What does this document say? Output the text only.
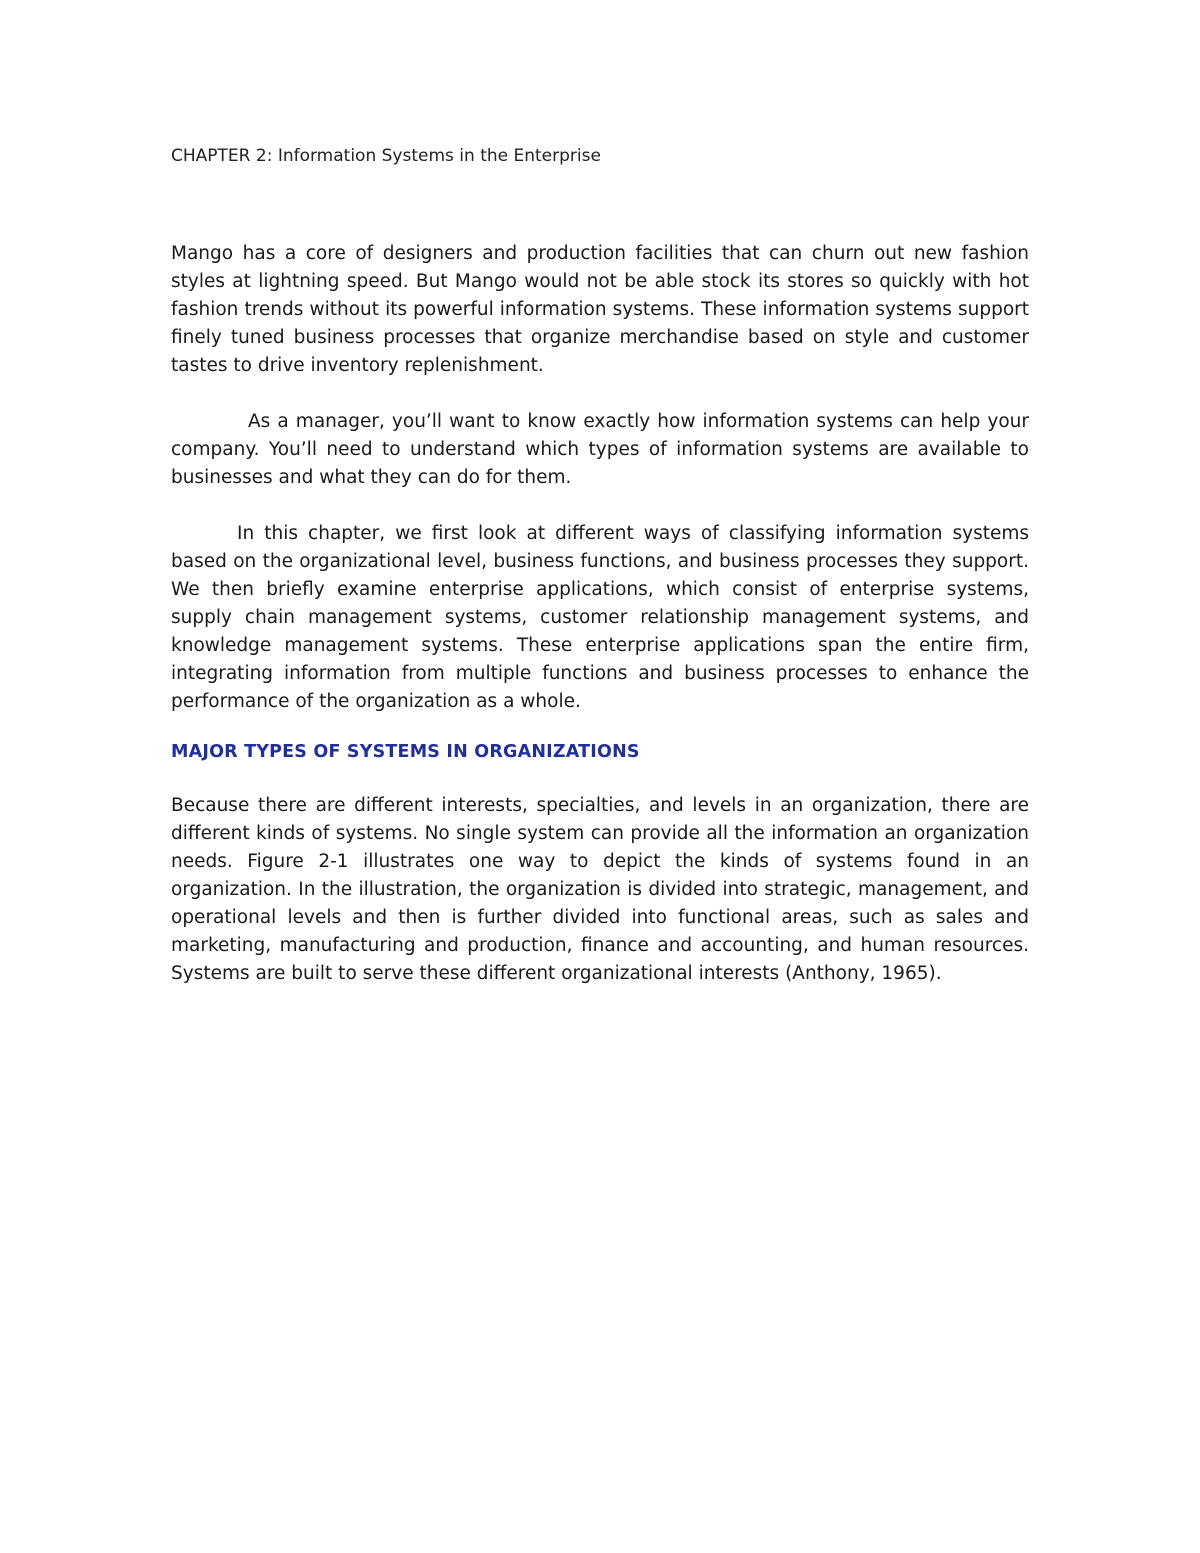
CHAPTER 2: Information Systems in the Enterprise

Mango has a core of designers and production facilities that can churn out new fashion styles at lightning speed. But Mango would not be able stock its stores so quickly with hot fashion trends without its powerful information systems. These information systems support finely tuned business processes that organize merchandise based on style and customer tastes to drive inventory replenishment.

As a manager, you’ll want to know exactly how information systems can help your company. You’ll need to understand which types of information systems are available to businesses and what they can do for them.

In this chapter, we first look at different ways of classifying information systems based on the organizational level, business functions, and business processes they support. We then briefly examine enterprise applications, which consist of enterprise systems, supply chain management systems, customer relationship management systems, and knowledge management systems. These enterprise applications span the entire firm, integrating information from multiple functions and business processes to enhance the performance of the organization as a whole.

MAJOR TYPES OF SYSTEMS IN ORGANIZATIONS

Because there are different interests, specialties, and levels in an organization, there are different kinds of systems. No single system can provide all the information an organization needs. Figure 2-1 illustrates one way to depict the kinds of systems found in an organization. In the illustration, the organization is divided into strategic, management, and operational levels and then is further divided into functional areas, such as sales and marketing, manufacturing and production, finance and accounting, and human resources. Systems are built to serve these different organizational interests (Anthony, 1965).
